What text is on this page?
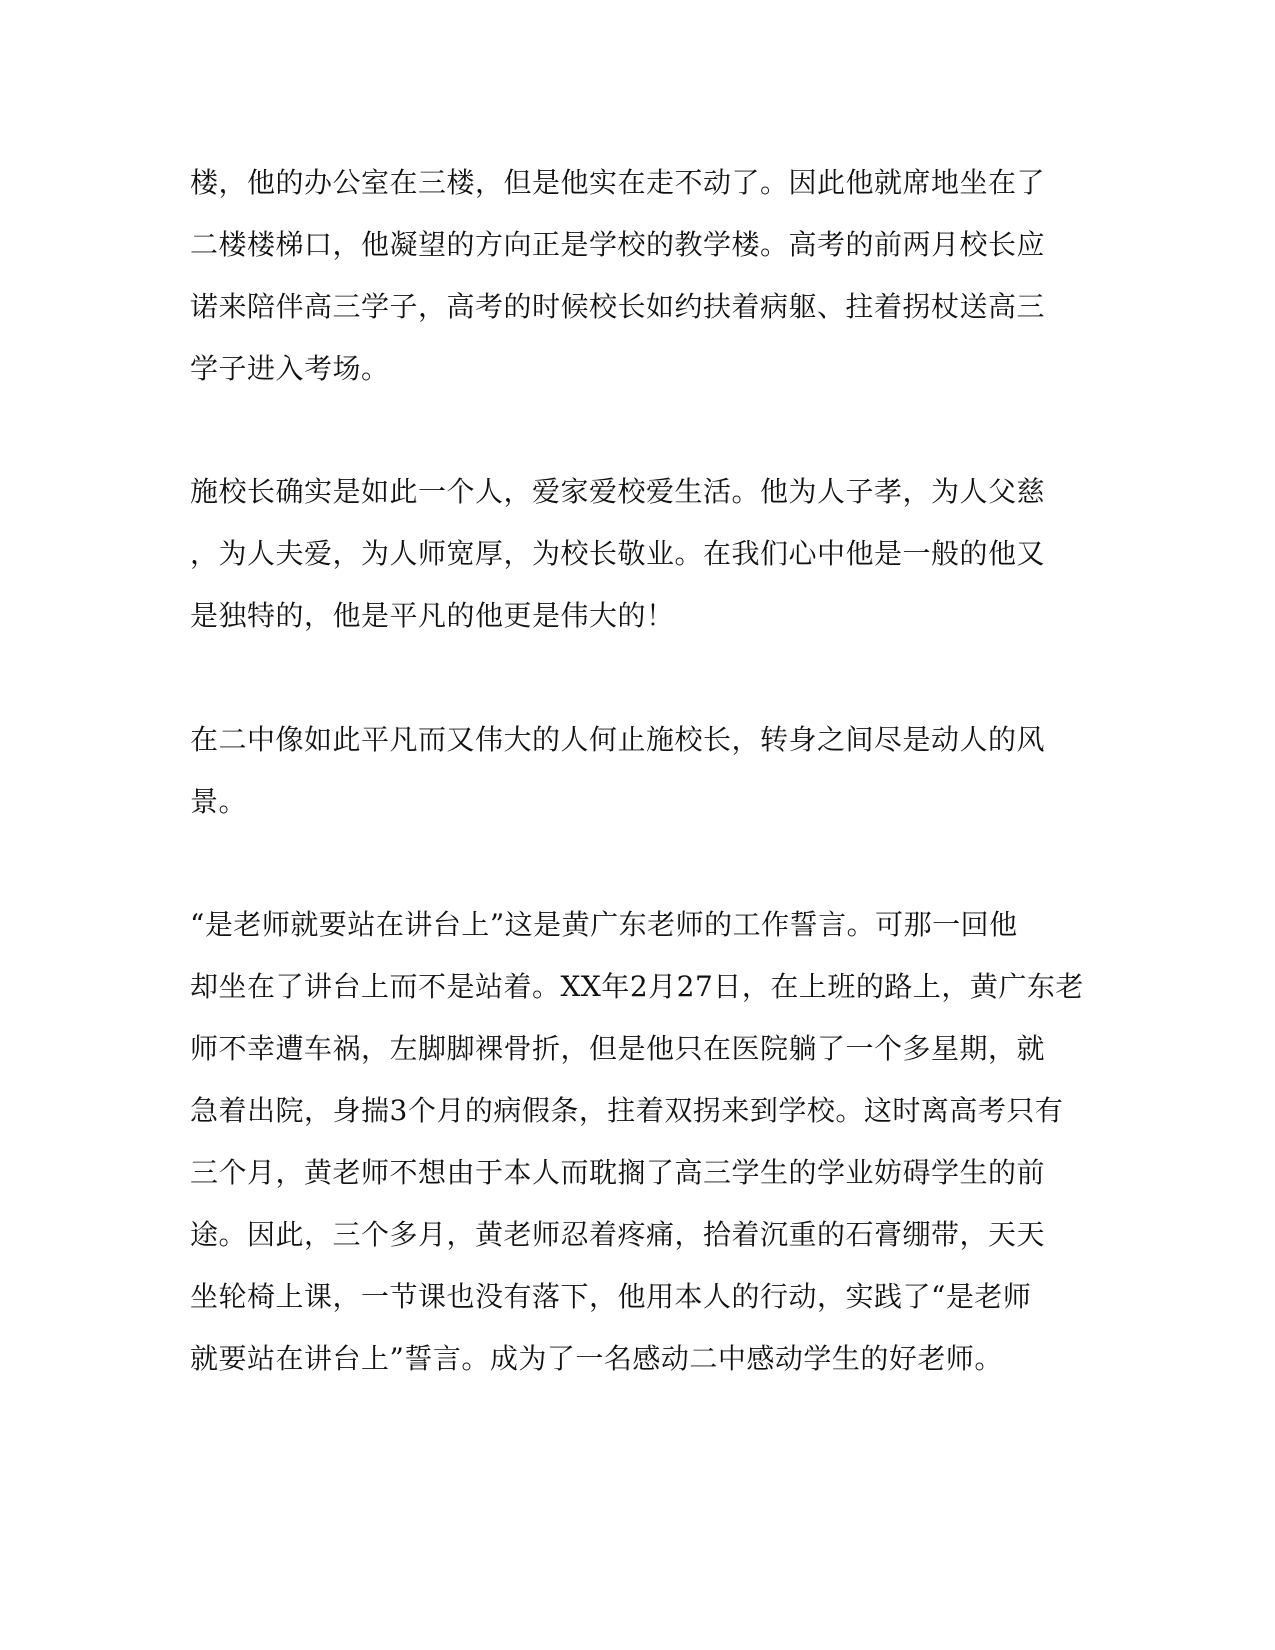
楼，他的办公室在三楼，但是他实在走不动了。因此他就席地坐在了
二楼楼梯口，他凝望的方向正是学校的教学楼。高考的前两月校长应
诺来陪伴高三学子，高考的时候校长如约扶着病躯、拄着拐杖送高三
学子进入考场。
施校长确实是如此一个人，爱家爱校爱生活。他为人子孝，为人父慈
，为人夫爱，为人师宽厚，为校长敬业。在我们心中他是一般的他又
是独特的，他是平凡的他更是伟大的！
在二中像如此平凡而又伟大的人何止施校长，转身之间尽是动人的风
景。
“是老师就要站在讲台上”这是黄广东老师的工作誓言。可那一回他
却坐在了讲台上而不是站着。XX年2月27日，在上班的路上，黄广东老
师不幸遭车祸，左脚脚裸骨折，但是他只在医院躺了一个多星期，就
急着出院，身揣3个月的病假条，拄着双拐来到学校。这时离高考只有
三个月，黄老师不想由于本人而耽搁了高三学生的学业妨碍学生的前
途。因此，三个多月，黄老师忍着疼痛，拾着沉重的石膏绷带，天天
坐轮椅上课，一节课也没有落下，他用本人的行动，实践了“是老师
就要站在讲台上”誓言。成为了一名感动二中感动学生的好老师。
